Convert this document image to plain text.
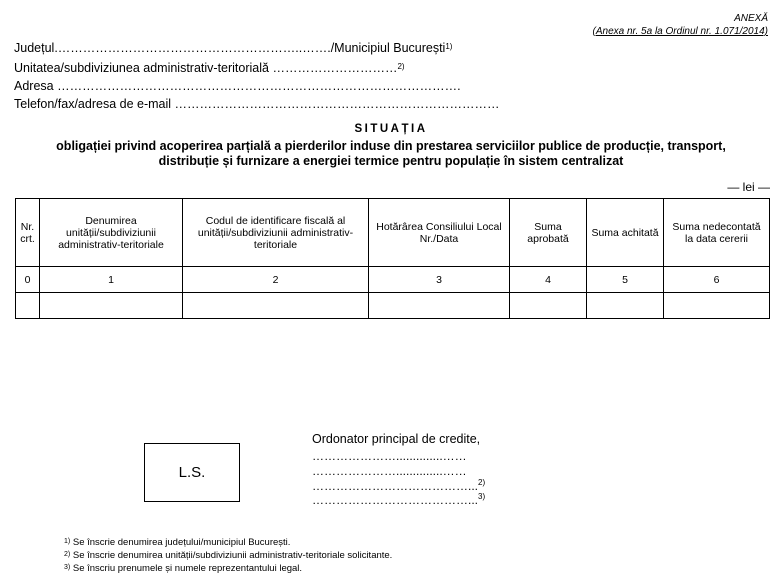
ANEXĂ
(Anexa nr. 5a la Ordinul nr. 1.071/2014)
Județul.…………………………………………………..……./Municipiul București$^{1)}$
Unitatea/subdiviziunea administrativ-teritorială …………………………$^{2)}$
Adresa …………………………………………………………………………………….
Telefon/fax/adresa de e-mail ……………………………………………………………………
SITUAȚIA
obligației privind acoperirea parțială a pierderilor induse din prestarea serviciilor publice de producție, transport, distribuție și furnizare a energiei termice pentru populație în sistem centralizat
— lei —
Nr. crt.	Denumirea unității/subdiviziunii administrativ-teritoriale	Codul de identificare fiscală al unității/subdiviziunii administrativ-teritoriale	Hotărârea Consiliului Local Nr./Data	Suma aprobată	Suma achitată	Suma nedecontată la data cererii
0	1	2	3	4	5	6

L.S.
Ordonator principal de credite,
…………………..............……
…………………..............……
…………………………………...$^{2)}$
…………………………………...$^{3)}$
$^{1)}$ Se înscrie denumirea județului/municipiul București.
$^{2)}$ Se înscrie denumirea unității/subdiviziunii administrativ-teritoriale solicitante.
$^{3)}$ Se înscriu prenumele și numele reprezentantului legal.
